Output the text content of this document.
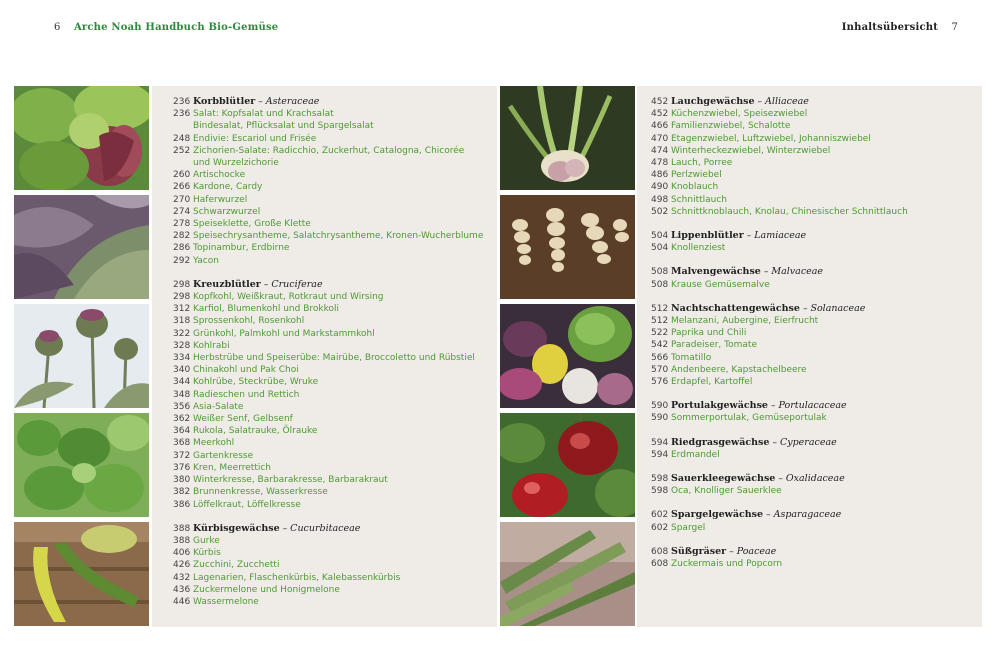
6 Arche Noah Handbuch Bio-Gemüse	Inhaltsübersicht 7
236 Korbblütler – Asteraceae
236 Salat: Kopfsalat und Krachsalat
Bindesalat, Pflücksalat und Spargelsalat
248 Endivie: Escariol und Frisée
252 Zichorien-Salate: Radicchio, Zuckerhut, Catalogna, Chicorée
und Wurzelzichorie
260 Artischocke
266 Kardone, Cardy
270 Haferwurzel
274 Schwarzwurzel
278 Speiseklette, Große Klette
282 Speisechrysantheme, Salatchrysantheme, Kronen-Wucherblume
286 Topinambur, Erdbirne
292 Yacon
298 Kreuzblütler – Cruciferae
298 Kopfkohl, Weißkraut, Rotkraut und Wirsing
312 Karfiol, Blumenkohl und Brokkoli
318 Sprossenkohl, Rosenkohl
322 Grünkohl, Palmkohl und Markstammkohl
328 Kohlrabi
334 Herbstrübe und Speiserübe: Mairübe, Broccoletto und Rübstiel
340 Chinakohl und Pak Choi
344 Kohlrübe, Steckrübe, Wruke
348 Radieschen und Rettich
356 Asia-Salate
362 Weißer Senf, Gelbsenf
364 Rukola, Salatrauke, Ölrauke
368 Meerkohl
372 Gartenkresse
376 Kren, Meerrettich
380 Winterkresse, Barbarakresse, Barbarakraut
382 Brunnenkresse, Wasserkresse
386 Löffelkraut, Löffelkresse
388 Kürbisgewächse – Cucurbitaceae
388 Gurke
406 Kürbis
426 Zucchini, Zucchetti
432 Lagenarien, Flaschenkürbis, Kalebassenkürbis
436 Zuckermelone und Honigmelone
446 Wassermelone
452 Lauchgewächse – Alliaceae
452 Küchenzwiebel, Speisezwiebel
466 Familienzwiebel, Schalotte
470 Etagenzwiebel, Luftzwiebel, Johanniszwiebel
474 Winterheckezwiebel, Winterzwiebel
478 Lauch, Porree
486 Perlzwiebel
490 Knoblauch
498 Schnittlauch
502 Schnittknoblauch, Knolau, Chinesischer Schnittlauch
504 Lippenblütler – Lamiaceae
504 Knollenziest
508 Malvengewächse – Malvaceae
508 Krause Gemüsemalve
512 Nachtschattengewächse – Solanaceae
512 Melanzani, Aubergine, Eierfrucht
522 Paprika und Chili
542 Paradeiser, Tomate
566 Tomatillo
570 Andenbeere, Kapstachelbeere
576 Erdapfel, Kartoffel
590 Portulakgewächse – Portulacaceae
590 Sommerportulak, Gemüseportulak
594 Riedgrasgewächse – Cyperaceae
594 Erdmandel
598 Sauerkleegewächse – Oxalidaceae
598 Oca, Knolliger Sauerklee
602 Spargelgewächse – Asparagaceae
602 Spargel
608 Süßgräser – Poaceae
608 Zuckermais und Popcorn
